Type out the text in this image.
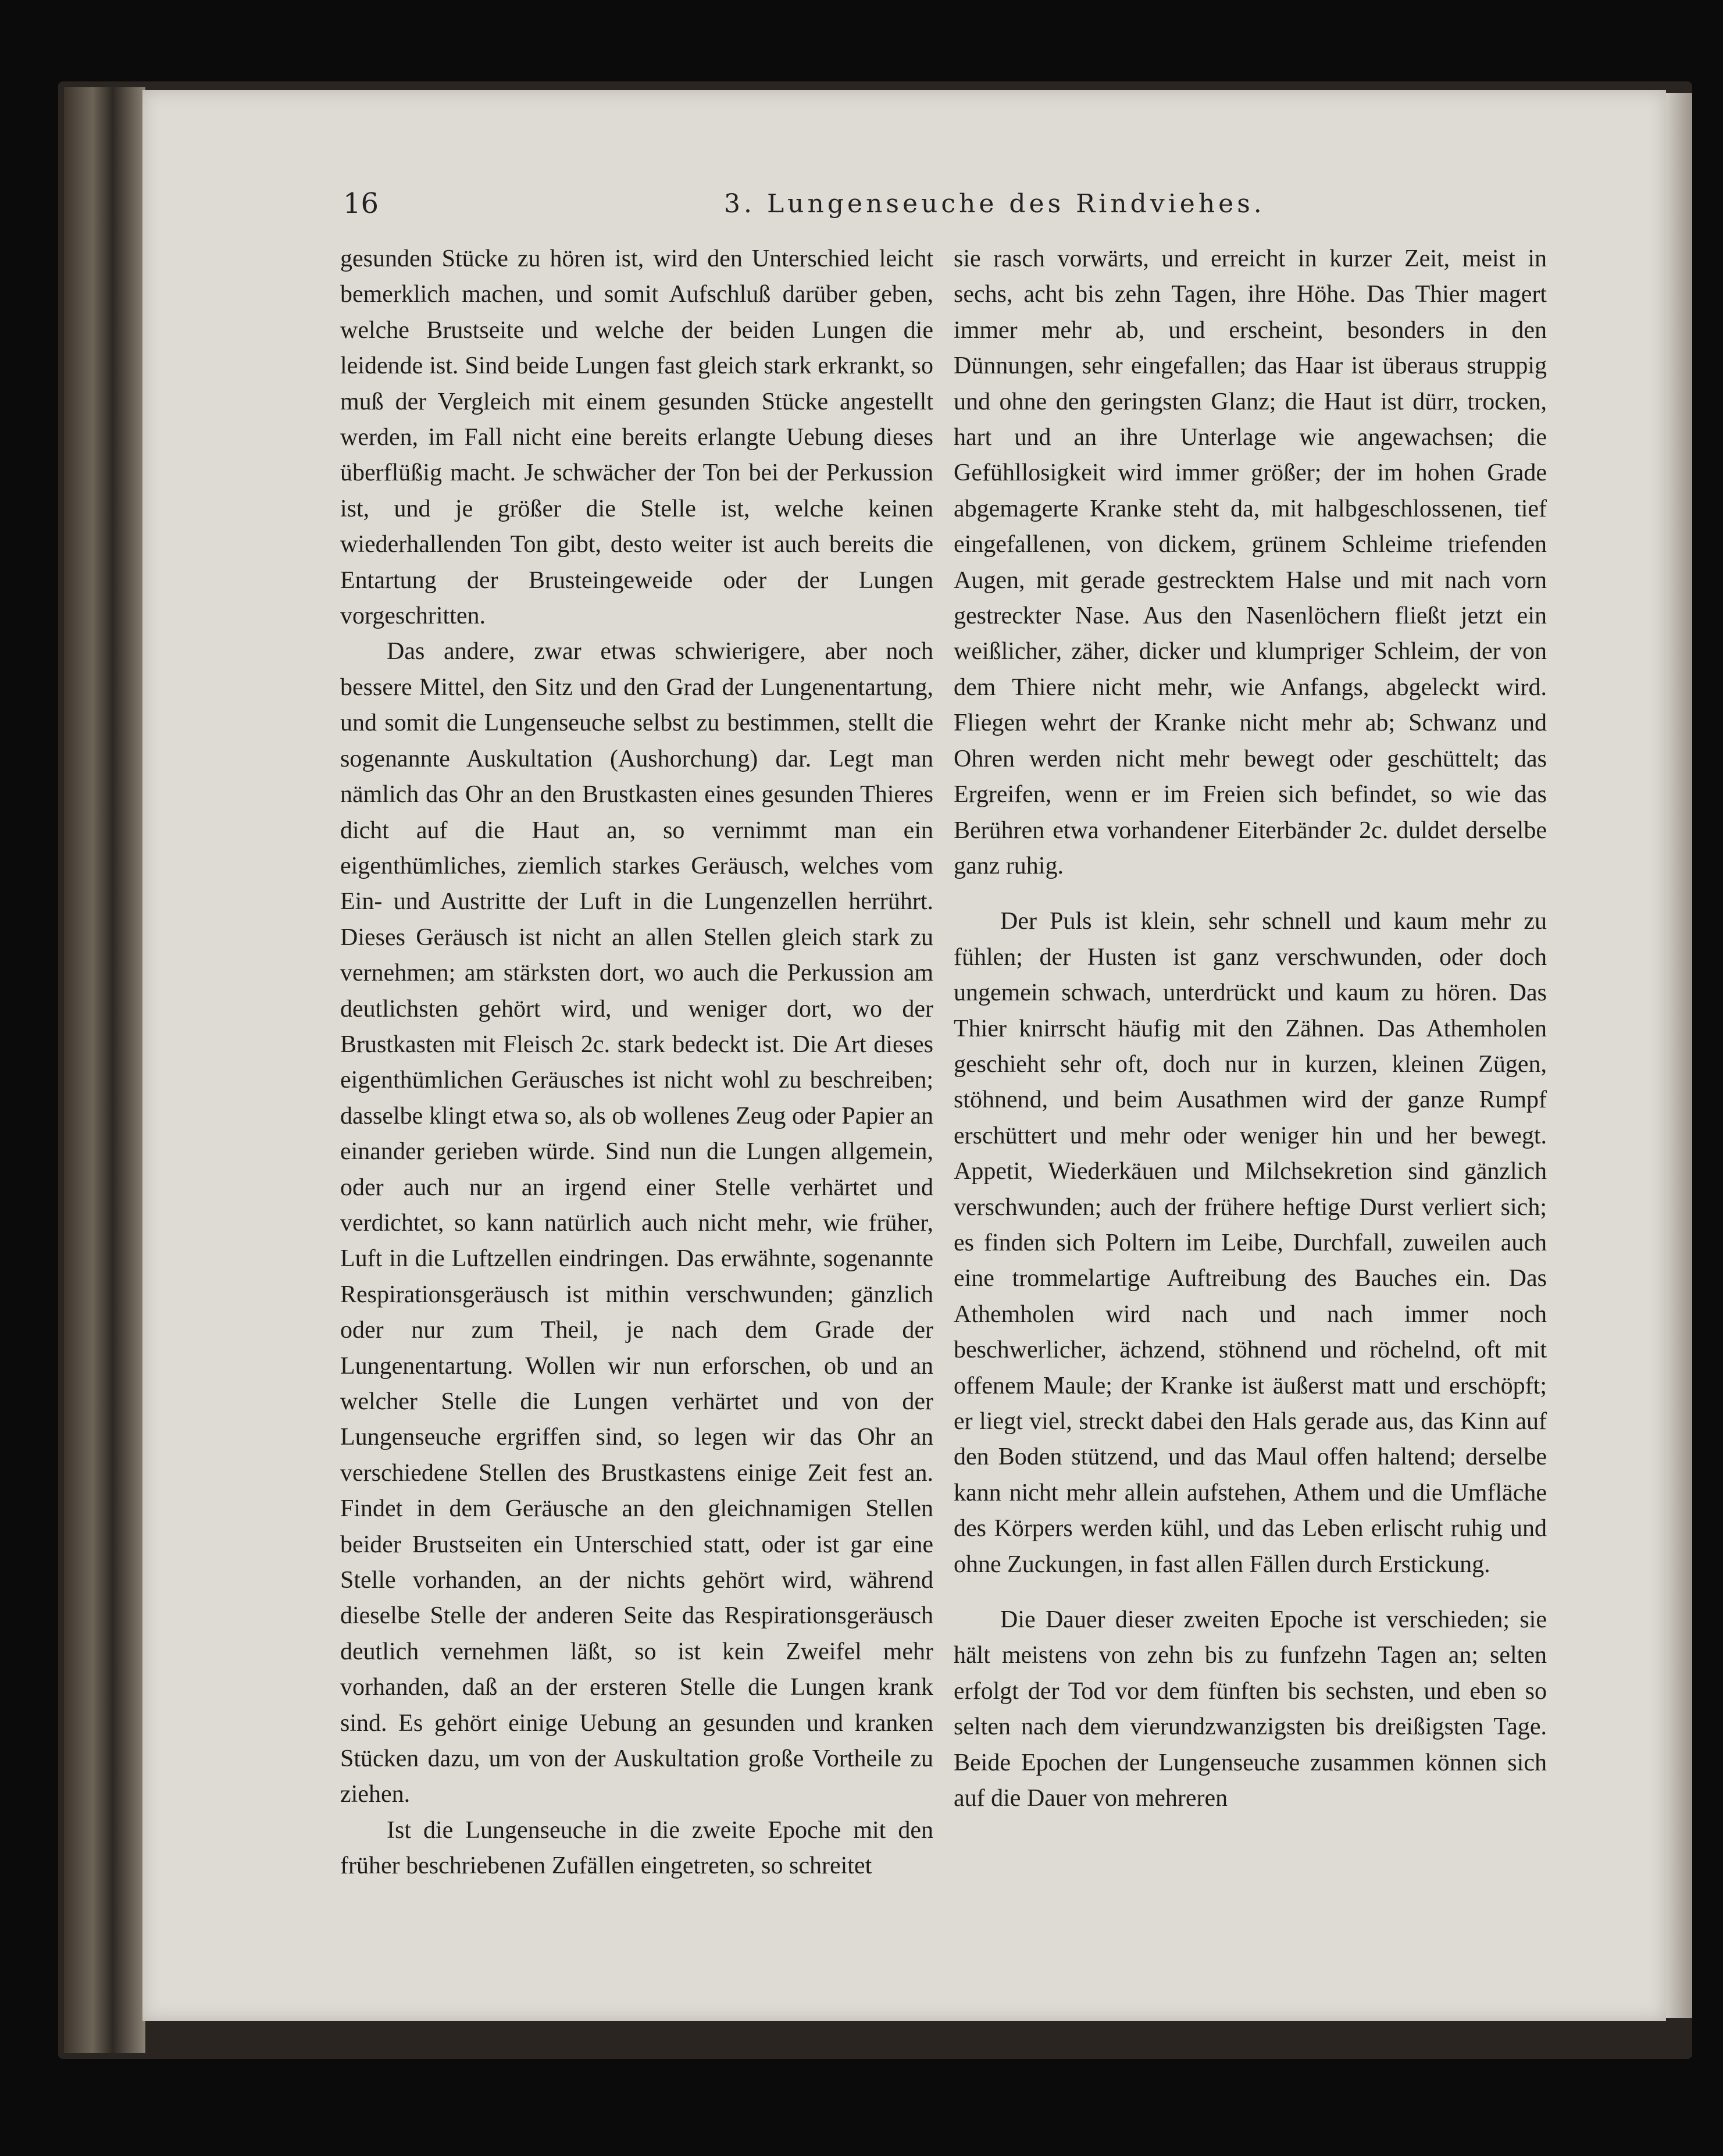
16	3. Lungenseuche des Rindviehes.

gesunden Stücke zu hören ist, wird den Unterschied leicht bemerklich machen, und somit Aufschluß darüber geben, welche Brustseite und welche der beiden Lungen die leidende ist. Sind beide Lungen fast gleich stark erkrankt, so muß der Vergleich mit einem gesunden Stücke angestellt werden, im Fall nicht eine bereits erlangte Uebung dieses überflüßig macht. Je schwächer der Ton bei der Perkussion ist, und je größer die Stelle ist, welche keinen wiederhallenden Ton gibt, desto weiter ist auch bereits die Entartung der Brusteingeweide oder der Lungen vorgeschritten.

Das andere, zwar etwas schwierigere, aber noch bessere Mittel, den Sitz und den Grad der Lungenentartung, und somit die Lungenseuche selbst zu bestimmen, stellt die sogenannte Auskultation (Aushorchung) dar. Legt man nämlich das Ohr an den Brustkasten eines gesunden Thieres dicht auf die Haut an, so vernimmt man ein eigenthümliches, ziemlich starkes Geräusch, welches vom Ein- und Austritte der Luft in die Lungenzellen herrührt. Dieses Geräusch ist nicht an allen Stellen gleich stark zu vernehmen; am stärksten dort, wo auch die Perkussion am deutlichsten gehört wird, und weniger dort, wo der Brustkasten mit Fleisch 2c. stark bedeckt ist. Die Art dieses eigenthümlichen Geräusches ist nicht wohl zu beschreiben; dasselbe klingt etwa so, als ob wollenes Zeug oder Papier an einander gerieben würde. Sind nun die Lungen allgemein, oder auch nur an irgend einer Stelle verhärtet und verdichtet, so kann natürlich auch nicht mehr, wie früher, Luft in die Luftzellen eindringen. Das erwähnte, sogenannte Respirationsgeräusch ist mithin verschwunden; gänzlich oder nur zum Theil, je nach dem Grade der Lungenentartung. Wollen wir nun erforschen, ob und an welcher Stelle die Lungen verhärtet und von der Lungenseuche ergriffen sind, so legen wir das Ohr an verschiedene Stellen des Brustkastens einige Zeit fest an. Findet in dem Geräusche an den gleichnamigen Stellen beider Brustseiten ein Unterschied statt, oder ist gar eine Stelle vorhanden, an der nichts gehört wird, während dieselbe Stelle der anderen Seite das Respirationsgeräusch deutlich vernehmen läßt, so ist kein Zweifel mehr vorhanden, daß an der ersteren Stelle die Lungen krank sind. Es gehört einige Uebung an gesunden und kranken Stücken dazu, um von der Auskultation große Vortheile zu ziehen.

Ist die Lungenseuche in die zweite Epoche mit den früher beschriebenen Zufällen eingetreten, so schreitet

sie rasch vorwärts, und erreicht in kurzer Zeit, meist in sechs, acht bis zehn Tagen, ihre Höhe. Das Thier magert immer mehr ab, und erscheint, besonders in den Dünnungen, sehr eingefallen; das Haar ist überaus struppig und ohne den geringsten Glanz; die Haut ist dürr, trocken, hart und an ihre Unterlage wie angewachsen; die Gefühllosigkeit wird immer größer; der im hohen Grade abgemagerte Kranke steht da, mit halbgeschlossenen, tief eingefallenen, von dickem, grünem Schleime triefenden Augen, mit gerade gestrecktem Halse und mit nach vorn gestreckter Nase. Aus den Nasenlöchern fließt jetzt ein weißlicher, zäher, dicker und klumpriger Schleim, der von dem Thiere nicht mehr, wie Anfangs, abgeleckt wird. Fliegen wehrt der Kranke nicht mehr ab; Schwanz und Ohren werden nicht mehr bewegt oder geschüttelt; das Ergreifen, wenn er im Freien sich befindet, so wie das Berühren etwa vorhandener Eiterbänder 2c. duldet derselbe ganz ruhig.

Der Puls ist klein, sehr schnell und kaum mehr zu fühlen; der Husten ist ganz verschwunden, oder doch ungemein schwach, unterdrückt und kaum zu hören. Das Thier knirrscht häufig mit den Zähnen. Das Athemholen geschieht sehr oft, doch nur in kurzen, kleinen Zügen, stöhnend, und beim Ausathmen wird der ganze Rumpf erschüttert und mehr oder weniger hin und her bewegt. Appetit, Wiederkäuen und Milchsekretion sind gänzlich verschwunden; auch der frühere heftige Durst verliert sich; es finden sich Poltern im Leibe, Durchfall, zuweilen auch eine trommelartige Auftreibung des Bauches ein. Das Athemholen wird nach und nach immer noch beschwerlicher, ächzend, stöhnend und röchelnd, oft mit offenem Maule; der Kranke ist äußerst matt und erschöpft; er liegt viel, streckt dabei den Hals gerade aus, das Kinn auf den Boden stützend, und das Maul offen haltend; derselbe kann nicht mehr allein aufstehen, Athem und die Umfläche des Körpers werden kühl, und das Leben erlischt ruhig und ohne Zuckungen, in fast allen Fällen durch Erstickung.

Die Dauer dieser zweiten Epoche ist verschieden; sie hält meistens von zehn bis zu funfzehn Tagen an; selten erfolgt der Tod vor dem fünften bis sechsten, und eben so selten nach dem vierundzwanzigsten bis dreißigsten Tage. Beide Epochen der Lungenseuche zusammen können sich auf die Dauer von mehreren
